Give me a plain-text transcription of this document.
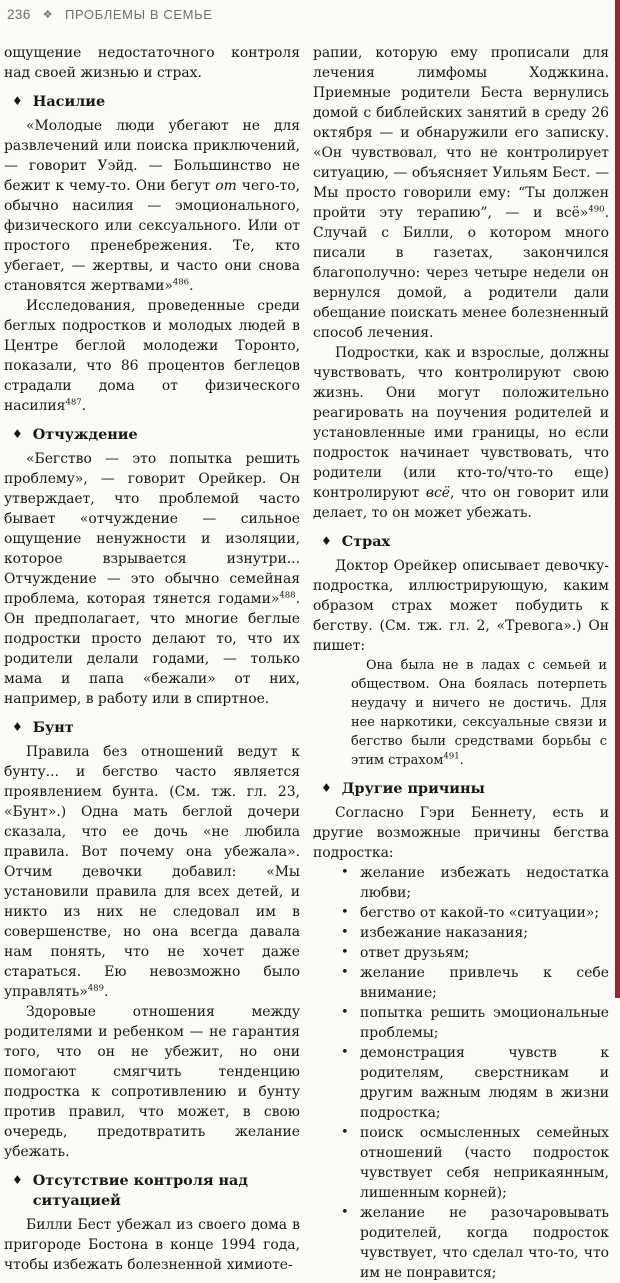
236 ❖ ПРОБЛЕМЫ В СЕМЬЕ

ощущение недостаточного контроля над своей жизнью и страх.

♦ Насилие

«Молодые люди убегают не для развлечений или поиска приключений, — говорит Уэйд. — Большинство не бежит к чему-то. Они бегут от чего-то, обычно насилия — эмоционального, физического или сексуального. Или от простого пренебрежения. Те, кто убегает, — жертвы, и часто они снова становятся жертвами»$^{486}$.

Исследования, проведенные среди беглых подростков и молодых людей в Центре беглой молодежи Торонто, показали, что 86 процентов беглецов страдали дома от физического насилия$^{487}$.

♦ Отчуждение

«Бегство — это попытка решить проблему», — говорит Орейкер. Он утверждает, что проблемой часто бывает «отчуждение — сильное ощущение ненужности и изоляции, которое взрывается изнутри... Отчуждение — это обычно семейная проблема, которая тянется годами»$^{488}$. Он предполагает, что многие беглые подростки просто делают то, что их родители делали годами, — только мама и папа «бежали» от них, например, в работу или в спиртное.

♦ Бунт

Правила без отношений ведут к бунту... и бегство часто является проявлением бунта. (См. тж. гл. 23, «Бунт».) Одна мать беглой дочери сказала, что ее дочь «не любила правила. Вот почему она убежала». Отчим девочки добавил: «Мы установили правила для всех детей, и никто из них не следовал им в совершенстве, но она всегда давала нам понять, что не хочет даже стараться. Ею невозможно было управлять»$^{489}$.

Здоровые отношения между родителями и ребенком — не гарантия того, что он не убежит, но они помогают смягчить тенденцию подростка к сопротивлению и бунту против правил, что может, в свою очередь, предотвратить желание убежать.

♦ Отсутствие контроля над ситуацией

Билли Бест убежал из своего дома в пригороде Бостона в конце 1994 года, чтобы избежать болезненной химиоте-

рапии, которую ему прописали для лечения лимфомы Ходжкина. Приемные родители Беста вернулись домой с библейских занятий в среду 26 октября — и обнаружили его записку. «Он чувствовал, что не контролирует ситуацию, — объясняет Уильям Бест. — Мы просто говорили ему: “Ты должен пройти эту терапию”, — и всё»$^{490}$. Случай с Билли, о котором много писали в газетах, закончился благополучно: через четыре недели он вернулся домой, а родители дали обещание поискать менее болезненный способ лечения.

Подростки, как и взрослые, должны чувствовать, что контролируют свою жизнь. Они могут положительно реагировать на поучения родителей и установленные ими границы, но если подросток начинает чувствовать, что родители (или кто-то/что-то еще) контролируют всё, что он говорит или делает, то он может убежать.

♦ Страх

Доктор Орейкер описывает девочку-подростка, иллюстрирующую, каким образом страх может побудить к бегству. (См. тж. гл. 2, «Тревога».) Он пишет:

Она была не в ладах с семьей и обществом. Она боялась потерпеть неудачу и ничего не достичь. Для нее наркотики, сексуальные связи и бегство были средствами борьбы с этим страхом$^{491}$.
♦ Другие причины

Согласно Гэри Беннету, есть и другие возможные причины бегства подростка:

• желание избежать недостатка любви;
• бегство от какой-то «ситуации»;
• избежание наказания;
• ответ друзьям;
• желание привлечь к себе внимание;
• попытка решить эмоциональные проблемы;
• демонстрация чувств к родителям, сверстникам и другим важным людям в жизни подростка;
• поиск осмысленных семейных отношений (часто подросток чувствует себя неприкаянным, лишенным корней);
• желание не разочаровывать родителей, когда подросток чувствует, что сделал что-то, что им не понравится;
